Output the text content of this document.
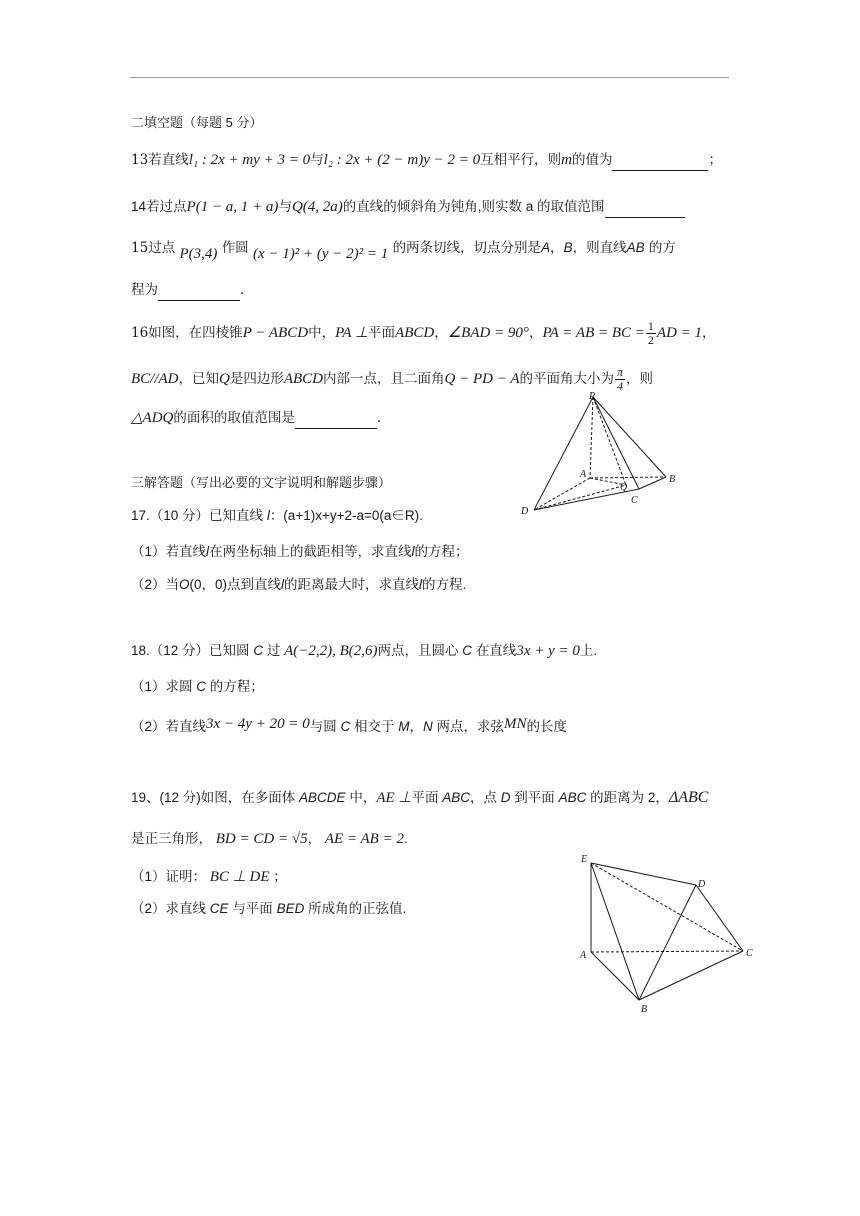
二填空题（每题 5 分）
13若直线l₁ : 2x + my + 3 = 0与l₂ : 2x + (2 − m)y − 2 = 0互相平行，则m的值为	；
14若过点P(1 − a, 1 + a)与Q(4, 2a)的直线的倾斜角为钝角,则实数 a 的取值范围
15过点 P(3,4) 作圆 (x − 1)² + (y − 2)² = 1 的两条切线，切点分别是A，B，则直线AB 的方
程为	.
16如图，在四棱锥P − ABCD中，PA ⊥平面ABCD，∠BAD = 90°，PA = AB = BC = $\frac{1}{2}$ AD = 1，
BC//AD，已知Q是四边形ABCD内部一点，且二面角Q − PD − A的平面角大小为 $\frac{\pi}{4}$ ，则
△ADQ的面积的取值范围是	.
P
A	B
C
D
Q
三解答题（写出必要的文字说明和解题步骤）
17.（10 分）已知直线 l：(a+1)x+y+2-a=0(a∈R).
（1）若直线l在两坐标轴上的截距相等，求直线l的方程；
（2）当O(0，0)点到直线l的距离最大时，求直线l的方程.
18.（12 分）已知圆 C 过 A(−2,2), B(2,6)两点，且圆心 C 在直线3x + y = 0上.
（1）求圆 C 的方程；
（2）若直线3x − 4y + 20 = 0与圆 C 相交于 M，N 两点，求弦MN的长度
19、(12 分)如图，在多面体 ABCDE 中，AE ⊥平面 ABC，点 D 到平面 ABC 的距离为 2，ΔABC
是正三角形， BD = CD = √5， AE = AB = 2.
（1）证明： BC ⊥ DE ；
（2）求直线 CE 与平面 BED 所成角的正弦值.
E
D
A
B
C
